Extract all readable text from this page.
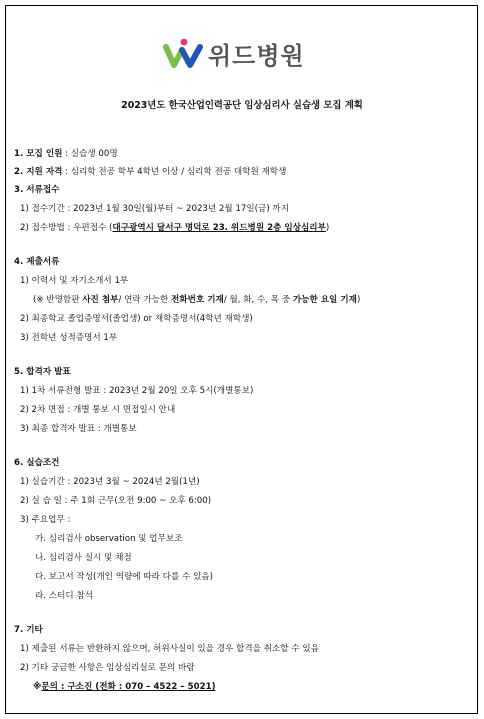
위드병원
2023년도 한국산업인력공단 임상심리사 실습생 모집 계획
1. 모집 인원 : 실습생 00명
2. 지원 자격 : 심리학 전공 학부 4학년 이상 / 심리학 전공 대학원 재학생
3. 서류접수
1) 접수기간 : 2023년 1월 30일(월)부터 ~ 2023년 2월 17일(금) 까지
2) 접수방법 : 우편접수 (대구광역시 달서구 명덕로 23. 위드병원 2층 임상심리부)
4. 제출서류
1) 이력서 및 자기소개서 1부
(※ 반명함판 사진 첨부/ 연락 가능한 전화번호 기재/ 월, 화, 수, 목 중 가능한 요일 기재)
2) 최종학교 졸업증명서(졸업생) or 재학증명서(4학년 재학생)
3) 전학년 성적증명서 1부
5. 합격자 발표
1) 1차 서류전형 발표 : 2023년 2월 20일 오후 5시(개별통보)
2) 2차 면접 : 개별 통보 시 면접일시 안내
3) 최종 합격자 발표 : 개별통보
6. 실습조건
1) 실습기간 : 2023년 3월 ~ 2024년 2월(1년)
2) 실 습 일 : 주 1회 근무(오전 9:00 ~ 오후 6:00)
3) 주요업무 :
가. 심리검사 observation 및 업무보조
나. 심리검사 실시 및 채점
다. 보고서 작성(개인 역량에 따라 다를 수 있음)
라. 스터디 참석
7. 기타
1) 제출된 서류는 반환하지 않으며, 허위사실이 있을 경우 합격을 취소할 수 있음
2) 기타 궁금한 사항은 임상심리실로 문의 바람
※문의 : 구소진 (전화 : 070 – 4522 – 5021)
